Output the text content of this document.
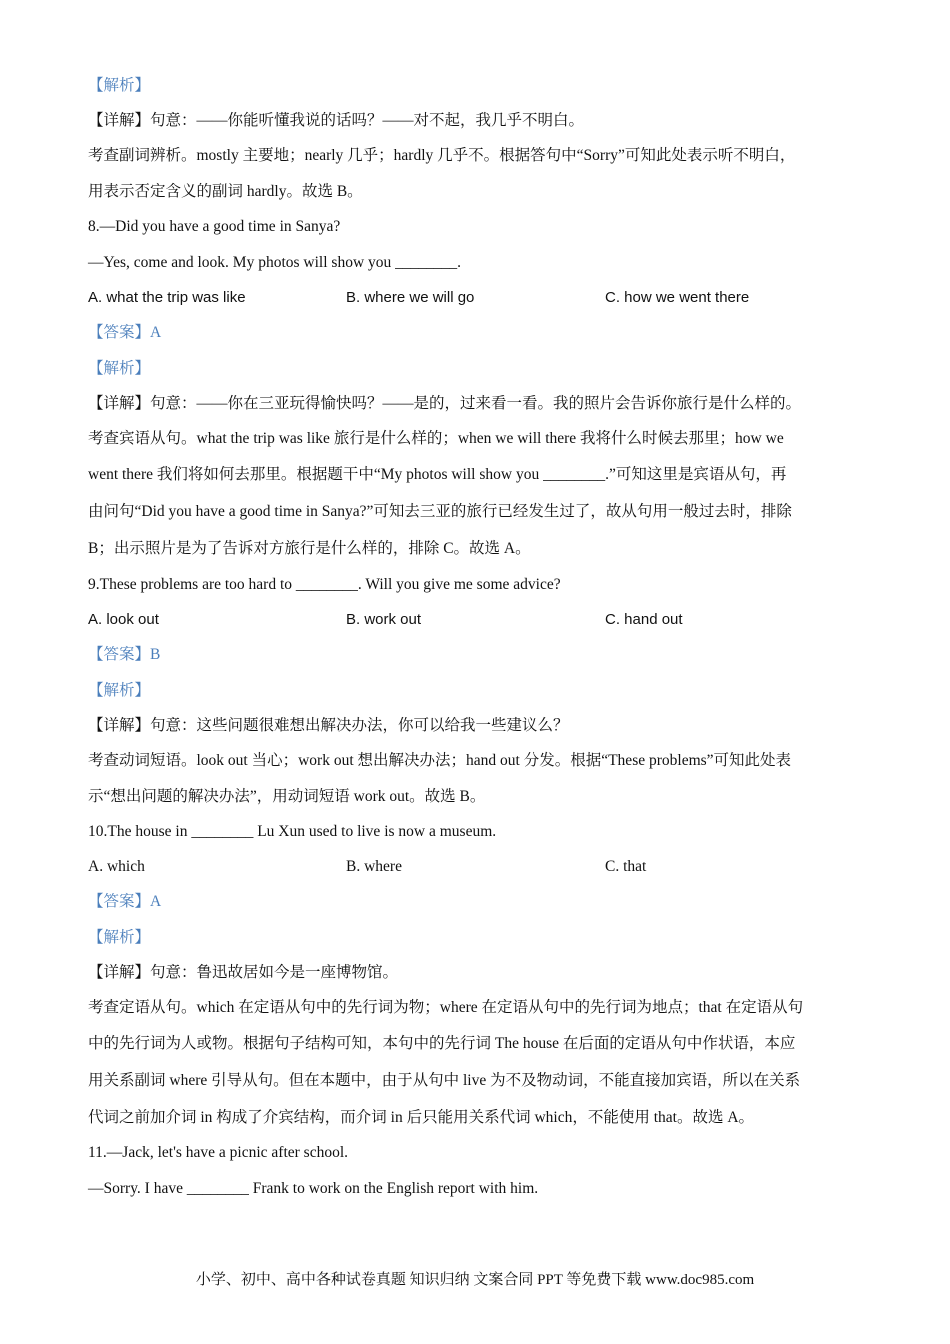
【解析】
【详解】句意：——你能听懂我说的话吗？——对不起，我几乎不明白。
考查副词辨析。mostly 主要地；nearly 几乎；hardly 几乎不。根据答句中“Sorry”可知此处表示听不明白，
用表示否定含义的副词 hardly。故选 B。
8.—Did you have a good time in Sanya?
—Yes, come and look. My photos will show you ________.
A. what the trip was like	B. where we will go	C. how we went there
【答案】A
【解析】
【详解】句意：——你在三亚玩得愉快吗？——是的，过来看一看。我的照片会告诉你旅行是什么样的。
考查宾语从句。what the trip was like 旅行是什么样的；when we will there 我将什么时候去那里；how we
went there 我们将如何去那里。根据题干中“My photos will show you ________.”可知这里是宾语从句，再
由问句“Did you have a good time in Sanya?”可知去三亚的旅行已经发生过了，故从句用一般过去时，排除
B；出示照片是为了告诉对方旅行是什么样的，排除 C。故选 A。
9.These problems are too hard to ________. Will you give me some advice?
A. look out	B. work out	C. hand out
【答案】B
【解析】
【详解】句意：这些问题很难想出解决办法，你可以给我一些建议么？
考查动词短语。look out 当心；work out 想出解决办法；hand out 分发。根据“These problems”可知此处表
示“想出问题的解决办法”，用动词短语 work out。故选 B。
10.The house in ________ Lu Xun used to live is now a museum.
A. which	B. where	C. that
【答案】A
【解析】
【详解】句意：鲁迅故居如今是一座博物馆。
考查定语从句。which 在定语从句中的先行词为物；where 在定语从句中的先行词为地点；that 在定语从句
中的先行词为人或物。根据句子结构可知，本句中的先行词 The house 在后面的定语从句中作状语，本应
用关系副词 where 引导从句。但在本题中，由于从句中 live 为不及物动词，不能直接加宾语，所以在关系
代词之前加介词 in 构成了介宾结构，而介词 in 后只能用关系代词 which，不能使用 that。故选 A。
11.—Jack, let's have a picnic after school.
—Sorry. I have ________ Frank to work on the English report with him.
小学、初中、高中各种试卷真题 知识归纳 文案合同 PPT 等免费下载 www.doc985.com
